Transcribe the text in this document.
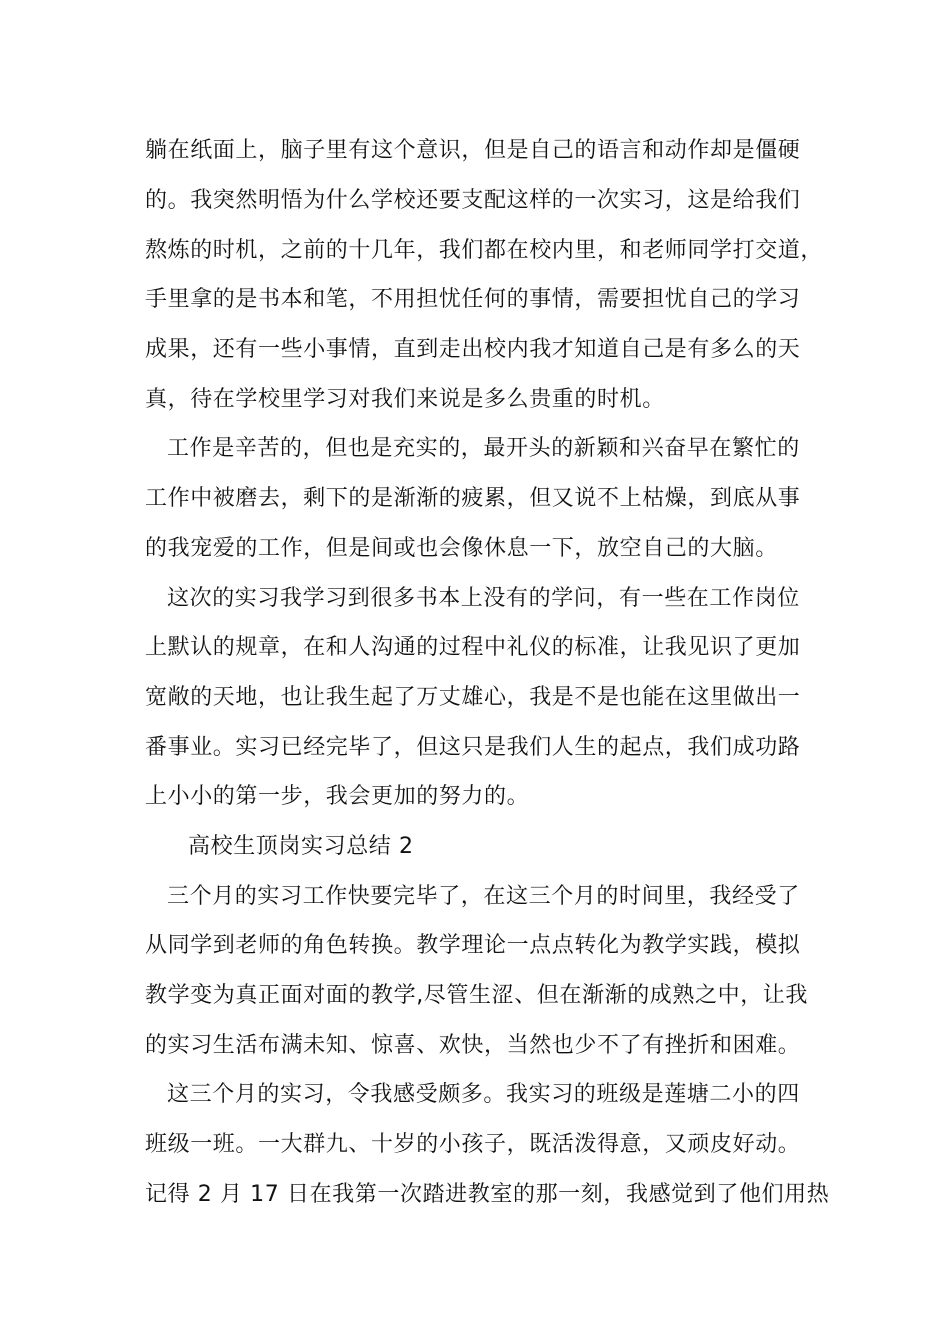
躺在纸面上，脑子里有这个意识，但是自己的语言和动作却是僵硬
的。我突然明悟为什么学校还要支配这样的一次实习，这是给我们
熬炼的时机，之前的十几年，我们都在校内里，和老师同学打交道，
手里拿的是书本和笔，不用担忧任何的事情，需要担忧自己的学习
成果，还有一些小事情，直到走出校内我才知道自己是有多么的天
真，待在学校里学习对我们来说是多么贵重的时机。
工作是辛苦的，但也是充实的，最开头的新颖和兴奋早在繁忙的
工作中被磨去，剩下的是渐渐的疲累，但又说不上枯燥，到底从事
的我宠爱的工作，但是间或也会像休息一下，放空自己的大脑。
这次的实习我学习到很多书本上没有的学问，有一些在工作岗位
上默认的规章，在和人沟通的过程中礼仪的标准，让我见识了更加
宽敞的天地，也让我生起了万丈雄心，我是不是也能在这里做出一
番事业。实习已经完毕了，但这只是我们人生的起点，我们成功路
上小小的第一步，我会更加的努力的。
高校生顶岗实习总结 2
三个月的实习工作快要完毕了，在这三个月的时间里，我经受了
从同学到老师的角色转换。教学理论一点点转化为教学实践，模拟
教学变为真正面对面的教学,尽管生涩、但在渐渐的成熟之中，让我
的实习生活布满未知、惊喜、欢快，当然也少不了有挫折和困难。
这三个月的实习，令我感受颇多。我实习的班级是莲塘二小的四
班级一班。一大群九、十岁的小孩子，既活泼得意，又顽皮好动。
记得 2 月 17 日在我第一次踏进教室的那一刻，我感觉到了他们用热
